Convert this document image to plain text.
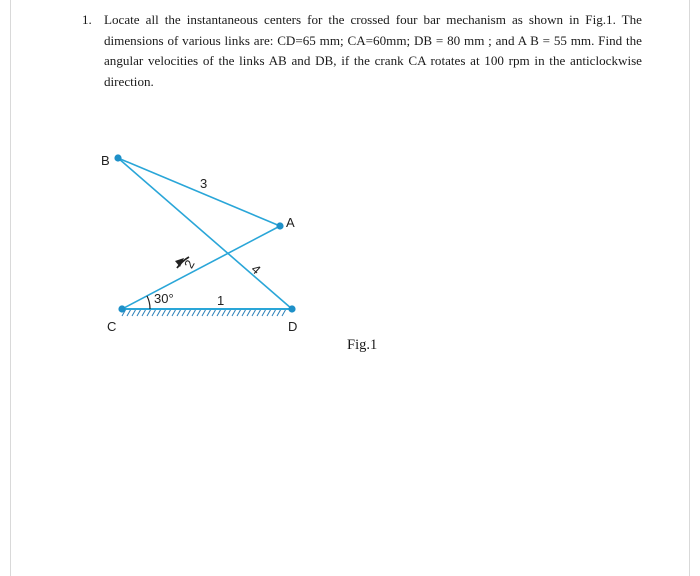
1. Locate all the instantaneous centers for the crossed four bar mechanism as shown in Fig.1. The dimensions of various links are: CD=65 mm; CA=60mm; DB = 80 mm ; and A B = 55 mm. Find the angular velocities of the links AB and DB, if the crank CA rotates at 100 rpm in the anticlockwise direction.
B
A
C	D
1
2
3
4
30°
Fig.1
